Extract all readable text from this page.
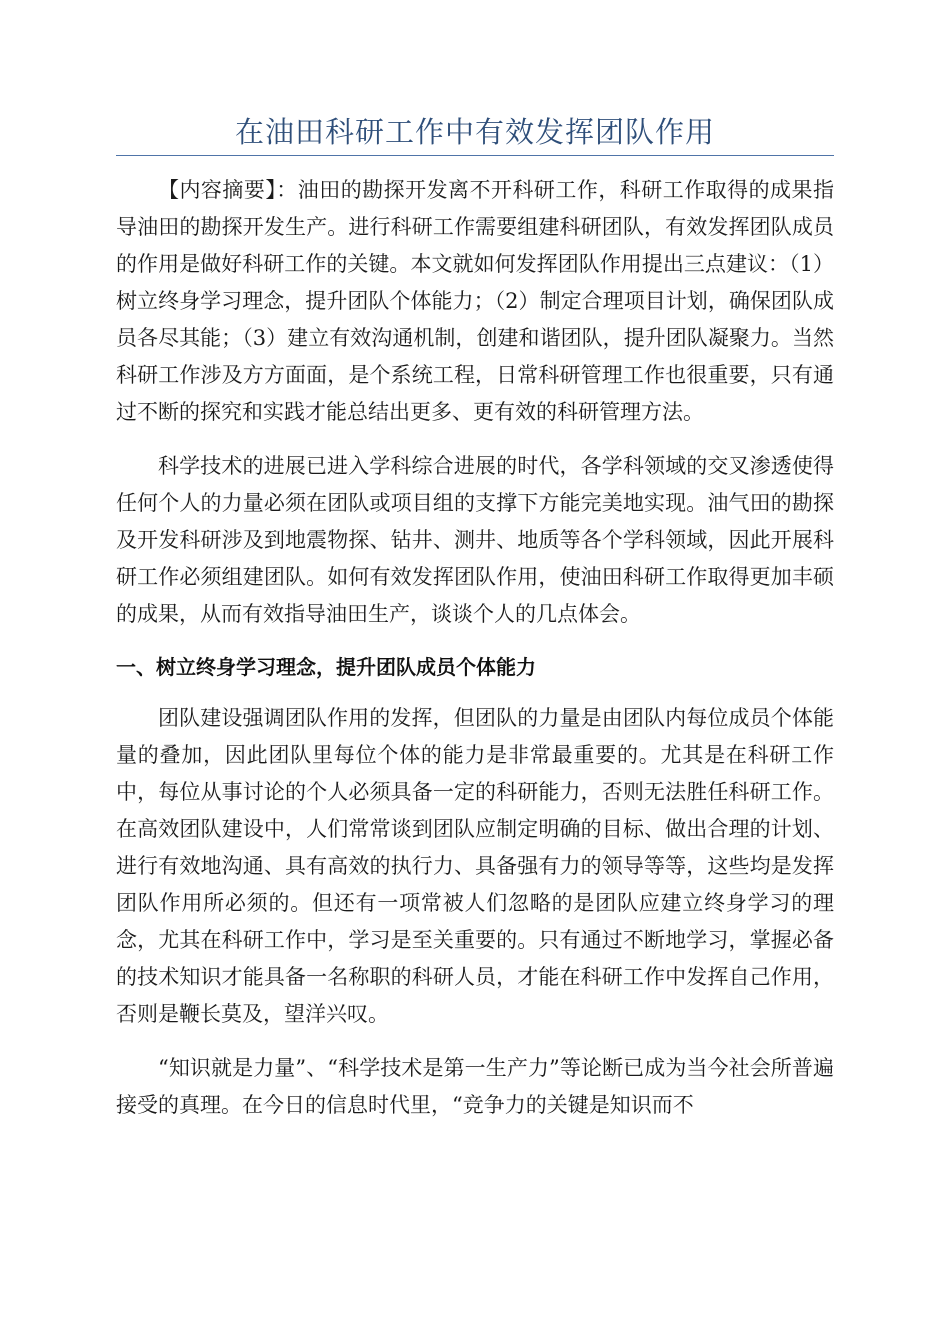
在油田科研工作中有效发挥团队作用

【内容摘要】：油田的勘探开发离不开科研工作，科研工作取得的成果指导油田的勘探开发生产。进行科研工作需要组建科研团队，有效发挥团队成员的作用是做好科研工作的关键。本文就如何发挥团队作用提出三点建议：（1）树立终身学习理念，提升团队个体能力；（2）制定合理项目计划，确保团队成员各尽其能；（3）建立有效沟通机制，创建和谐团队，提升团队凝聚力。当然科研工作涉及方方面面，是个系统工程，日常科研管理工作也很重要，只有通过不断的探究和实践才能总结出更多、更有效的科研管理方法。

科学技术的进展已进入学科综合进展的时代，各学科领域的交叉渗透使得任何个人的力量必须在团队或项目组的支撑下方能完美地实现。油气田的勘探及开发科研涉及到地震物探、钻井、测井、地质等各个学科领域，因此开展科研工作必须组建团队。如何有效发挥团队作用，使油田科研工作取得更加丰硕的成果，从而有效指导油田生产，谈谈个人的几点体会。

一、树立终身学习理念，提升团队成员个体能力

团队建设强调团队作用的发挥，但团队的力量是由团队内每位成员个体能量的叠加，因此团队里每位个体的能力是非常最重要的。尤其是在科研工作中，每位从事讨论的个人必须具备一定的科研能力，否则无法胜任科研工作。在高效团队建设中，人们常常谈到团队应制定明确的目标、做出合理的计划、进行有效地沟通、具有高效的执行力、具备强有力的领导等等，这些均是发挥团队作用所必须的。但还有一项常被人们忽略的是团队应建立终身学习的理念，尤其在科研工作中，学习是至关重要的。只有通过不断地学习，掌握必备的技术知识才能具备一名称职的科研人员，才能在科研工作中发挥自己作用，否则是鞭长莫及，望洋兴叹。

“知识就是力量”、“科学技术是第一生产力”等论断已成为当今社会所普遍接受的真理。在今日的信息时代里，“竞争力的关键是知识而不
